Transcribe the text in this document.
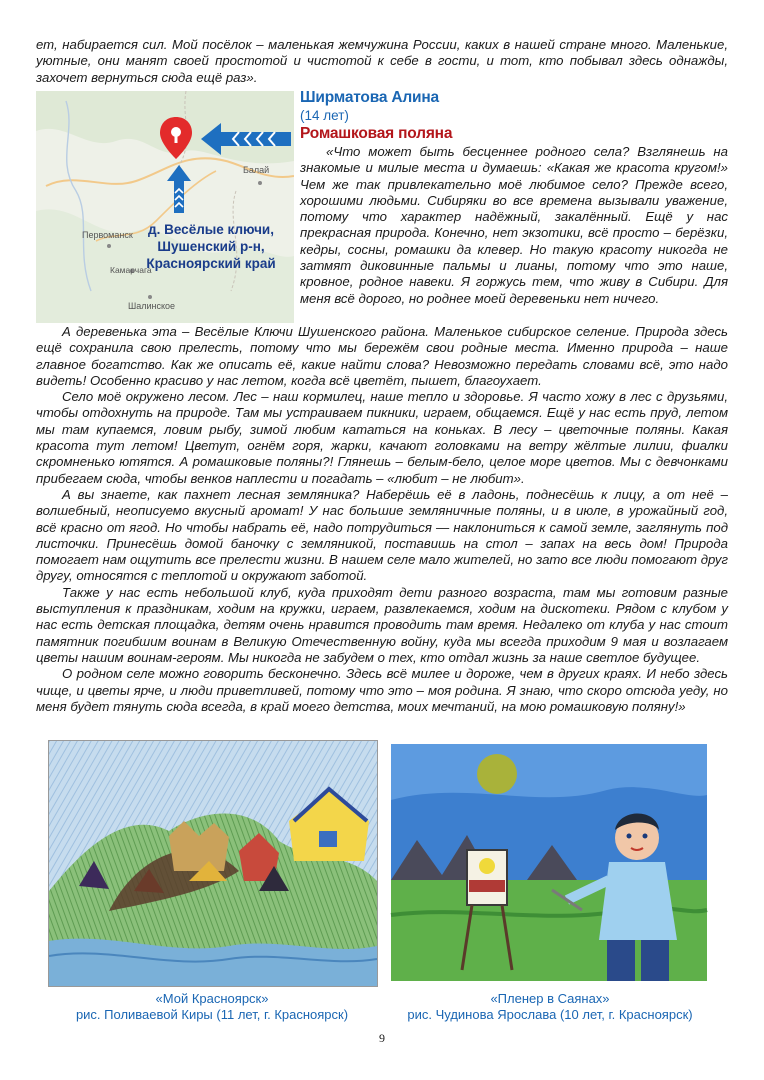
ет, набирается сил. Мой посёлок – маленькая жемчужина России, каких в нашей стране много. Маленькие, уютные, они манят своей простотой и чистотой к себе в гости, и тот, кто побывал здесь однажды, захочет вернуться сюда ещё раз».

Первоманск
Балай
Камарчага
Шалинское
д. Весёлые ключи,
Шушенский р-н,
Красноярский край
Ширматова Алина
(14 лет)
Ромашковая поляна

«Что может быть бесценнее родного села? Взглянешь на знакомые и милые места и думаешь: «Какая же красота кругом!» Чем же так привлекательно моё любимое село? Прежде всего, хорошими людьми. Сибиряки во все времена вызывали уважение, потому что характер надёжный, закалённый. Ещё у нас прекрасная природа. Конечно, нет экзотики, всё просто – берёзки, кедры, сосны, ромашки да клевер. Но такую красоту никогда не затмят диковинные пальмы и лианы, потому что это наше, кровное, родное навеки. Я горжусь тем, что живу в Сибири. Для меня всё дорого, но роднее моей деревеньки нет ничего.

А деревенька эта – Весёлые Ключи Шушенского района. Маленькое сибирское селение. Природа здесь ещё сохранила свою прелесть, потому что мы бережём свои родные места. Именно природа – наше главное богатство. Как же описать её, какие найти слова? Невозможно передать словами всё, это надо видеть! Особенно красиво у нас летом, когда всё цветёт, пышет, благоухает.

Село моё окружено лесом. Лес – наш кормилец, наше тепло и здоровье. Я часто хожу в лес с друзьями, чтобы отдохнуть на природе. Там мы устраиваем пикники, играем, общаемся. Ещё у нас есть пруд, летом мы там купаемся, ловим рыбу, зимой любим кататься на коньках. В лесу – цветочные поляны. Какая красота тут летом! Цветут, огнём горя, жарки, качают головками на ветру жёлтые лилии, фиалки скромненько ютятся. А ромашковые поляны?! Глянешь – белым-бело, целое море цветов. Мы с девчонками прибегаем сюда, чтобы венков наплести и погадать – «любит – не любит».

А вы знаете, как пахнет лесная земляника? Наберёшь её в ладонь, поднесёшь к лицу, а от неё – волшебный, неописуемо вкусный аромат! У нас большие земляничные поляны, и в июле, в урожайный год, всё красно от ягод. Но чтобы набрать её, надо потрудиться — наклониться к самой земле, заглянуть под листочки. Принесёшь домой баночку с земляникой, поставишь на стол – запах на весь дом! Природа помогает нам ощутить все прелести жизни. В нашем селе мало жителей, но зато все люди помогают друг другу, относятся с теплотой и окружают заботой.

Также у нас есть небольшой клуб, куда приходят дети разного возраста, там мы готовим разные выступления к праздникам, ходим на кружки, играем, развлекаемся, ходим на дискотеки. Рядом с клубом у нас есть детская площадка, детям очень нравится проводить там время. Недалеко от клуба у нас стоит памятник погибшим воинам в Великую Отечественную войну, куда мы всегда приходим 9 мая и возлагаем цветы нашим воинам-героям. Мы никогда не забудем о тех, кто отдал жизнь за наше светлое будущее.

О родном селе можно говорить бесконечно. Здесь всё милее и дороже, чем в других краях. И небо здесь чище, и цветы ярче, и люди приветливей, потому что это – моя родина. Я знаю, что скоро отсюда уеду, но меня будет тянуть сюда всегда, в край моего детства, моих мечтаний, на мою ромашковую поляну!»

«Мой Красноярск»
рис. Поливаевой Киры (11 лет, г. Красноярск)
«Пленер в Саянах»
рис. Чудинова Ярослава (10 лет, г. Красноярск)
9
